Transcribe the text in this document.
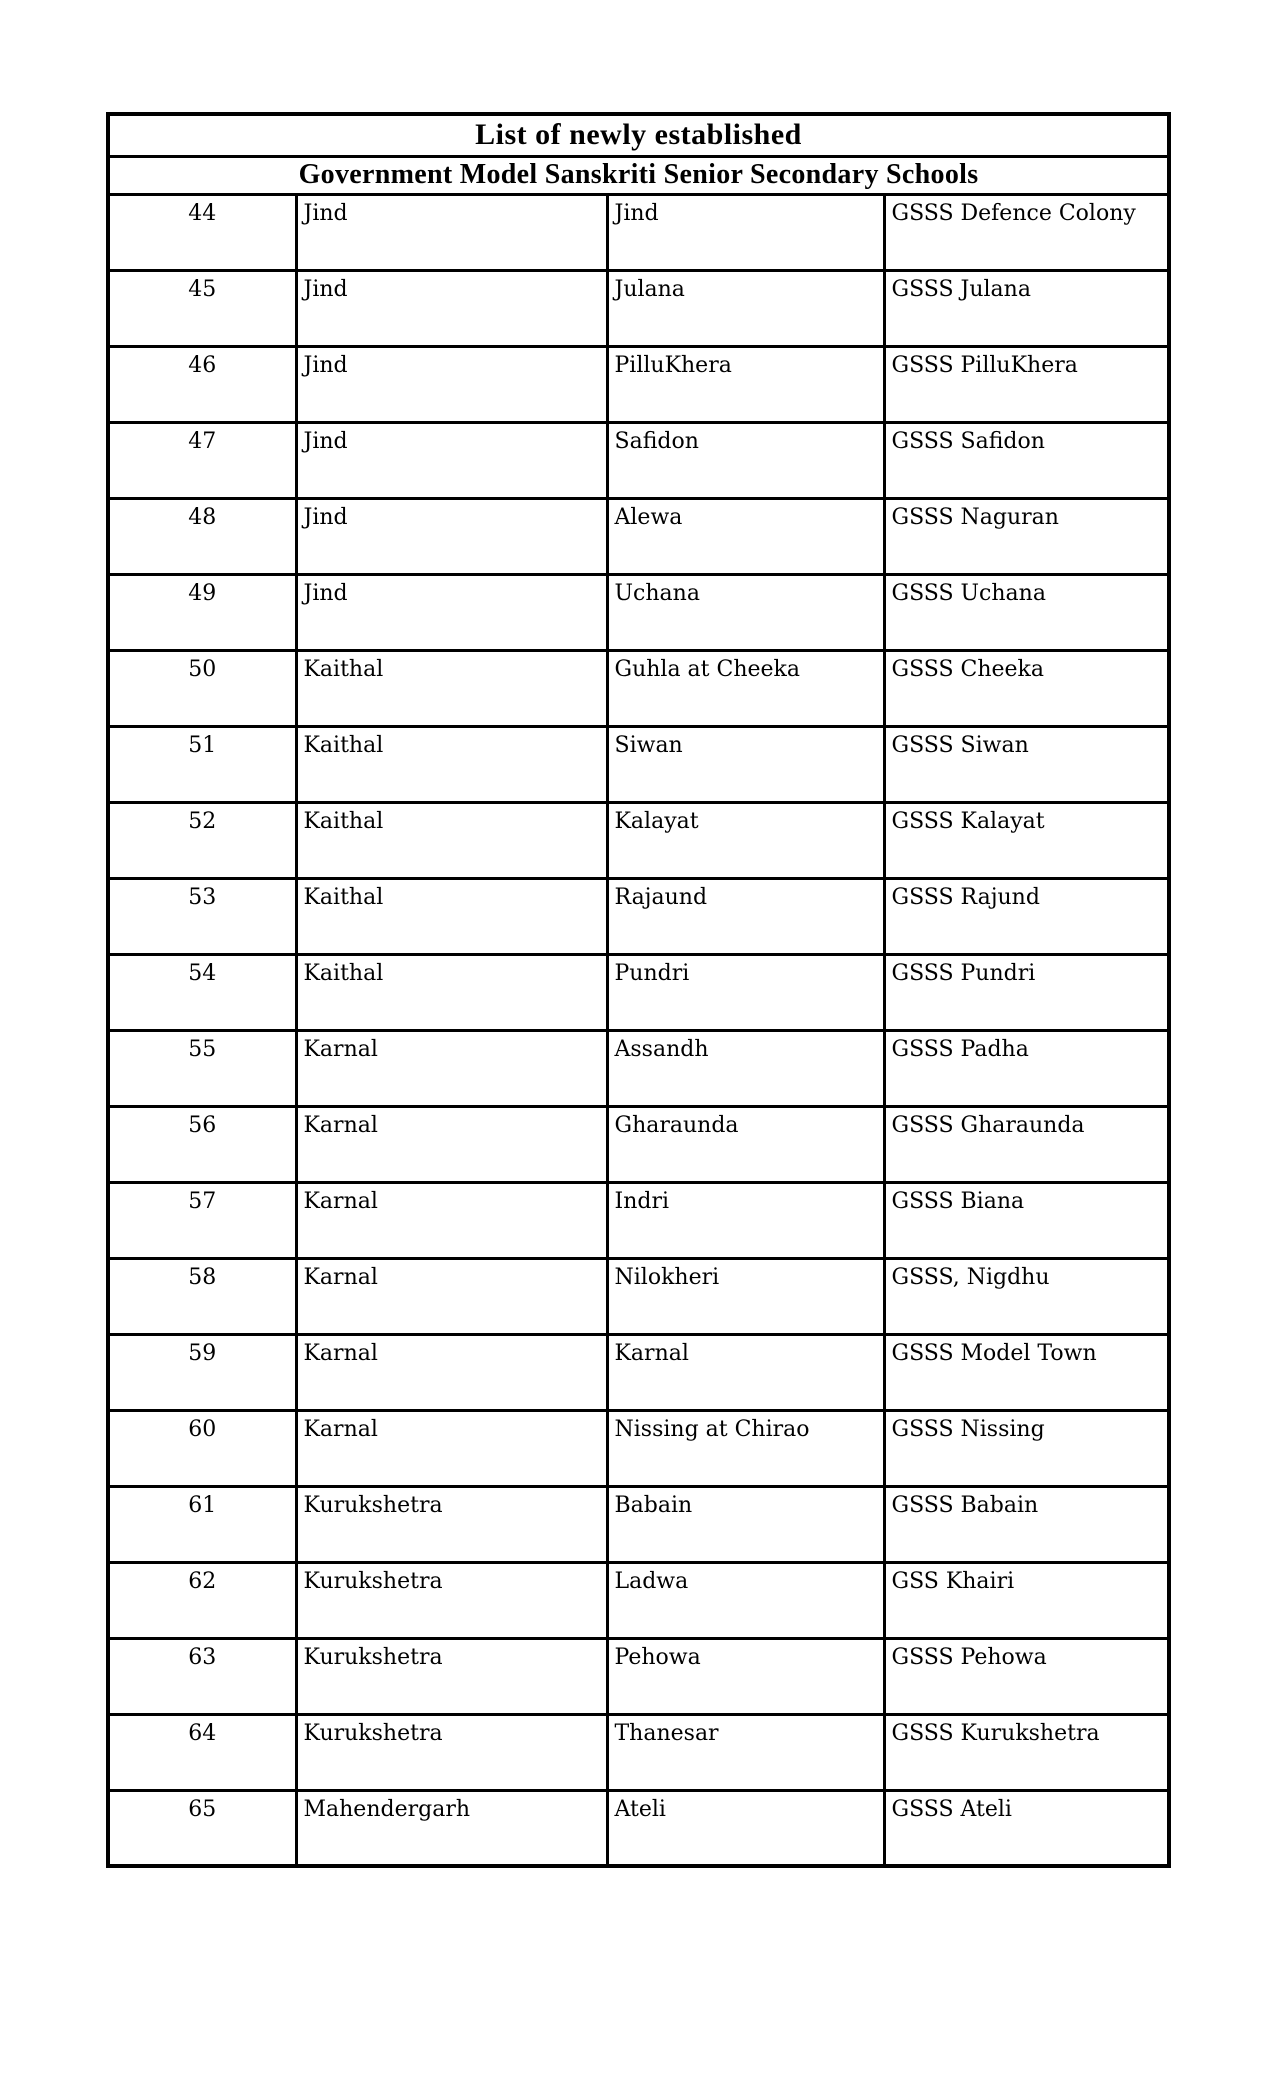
List of newly established			
Government Model Sanskriti Senior Secondary Schools			
44	Jind	Jind	GSSS Defence Colony
45	Jind	Julana	GSSS Julana
46	Jind	PilluKhera	GSSS PilluKhera
47	Jind	Safidon	GSSS Safidon
48	Jind	Alewa	GSSS Naguran
49	Jind	Uchana	GSSS Uchana
50	Kaithal	Guhla at Cheeka	GSSS Cheeka
51	Kaithal	Siwan	GSSS Siwan
52	Kaithal	Kalayat	GSSS Kalayat
53	Kaithal	Rajaund	GSSS Rajund
54	Kaithal	Pundri	GSSS Pundri
55	Karnal	Assandh	GSSS Padha
56	Karnal	Gharaunda	GSSS Gharaunda
57	Karnal	Indri	GSSS Biana
58	Karnal	Nilokheri	GSSS, Nigdhu
59	Karnal	Karnal	GSSS Model Town
60	Karnal	Nissing at Chirao	GSSS Nissing
61	Kurukshetra	Babain	GSSS Babain
62	Kurukshetra	Ladwa	GSS Khairi
63	Kurukshetra	Pehowa	GSSS Pehowa
64	Kurukshetra	Thanesar	GSSS Kurukshetra
65	Mahendergarh	Ateli	GSSS Ateli
